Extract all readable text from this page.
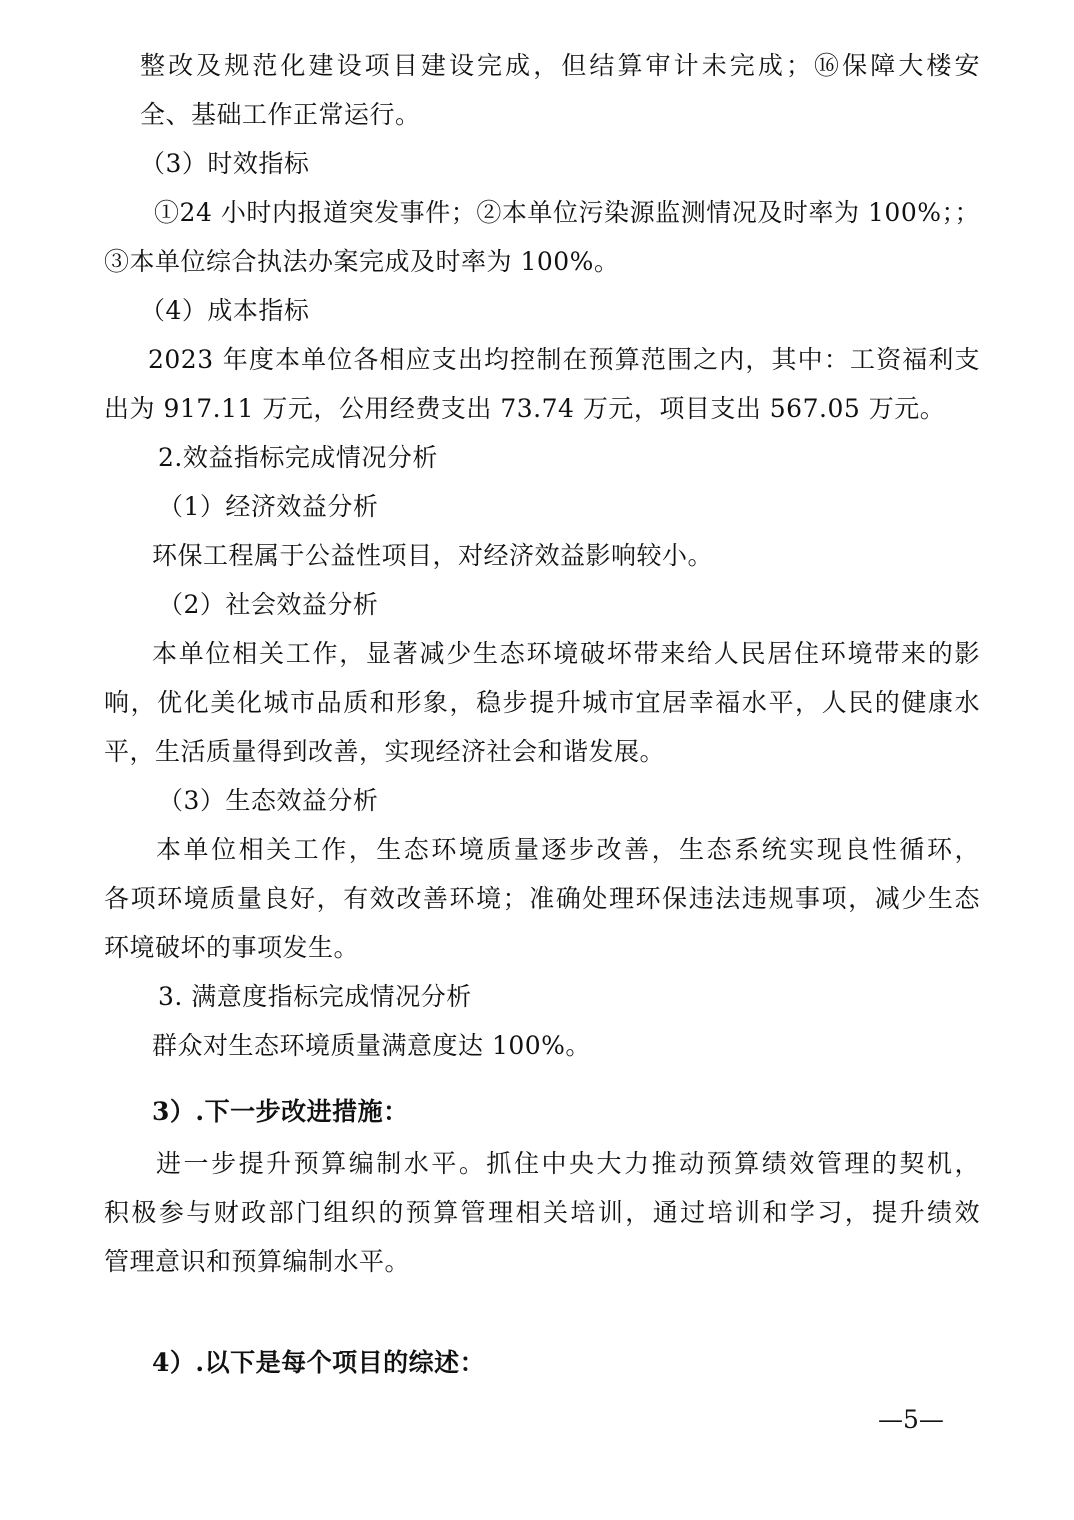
整改及规范化建设项目建设完成，但结算审计未完成；⑯保障大楼安
全、基础工作正常运行。
（3）时效指标
①24 小时内报道突发事件；②本单位污染源监测情况及时率为 100%；；
③本单位综合执法办案完成及时率为 100%。
（4）成本指标
2023 年度本单位各相应支出均控制在预算范围之内，其中：工资福利支
出为 917.11 万元，公用经费支出 73.74 万元，项目支出 567.05 万元。
2.效益指标完成情况分析
（1）经济效益分析
环保工程属于公益性项目，对经济效益影响较小。
（2）社会效益分析
本单位相关工作，显著减少生态环境破坏带来给人民居住环境带来的影
响，优化美化城市品质和形象，稳步提升城市宜居幸福水平，人民的健康水
平，生活质量得到改善，实现经济社会和谐发展。
（3）生态效益分析
本单位相关工作，生态环境质量逐步改善，生态系统实现良性循环，
各项环境质量良好，有效改善环境；准确处理环保违法违规事项，减少生态
环境破坏的事项发生。
3. 满意度指标完成情况分析
群众对生态环境质量满意度达 100%。
3）.下一步改进措施：
进一步提升预算编制水平。抓住中央大力推动预算绩效管理的契机，
积极参与财政部门组织的预算管理相关培训，通过培训和学习，提升绩效
管理意识和预算编制水平。
4）.以下是每个项目的综述：
—5—
